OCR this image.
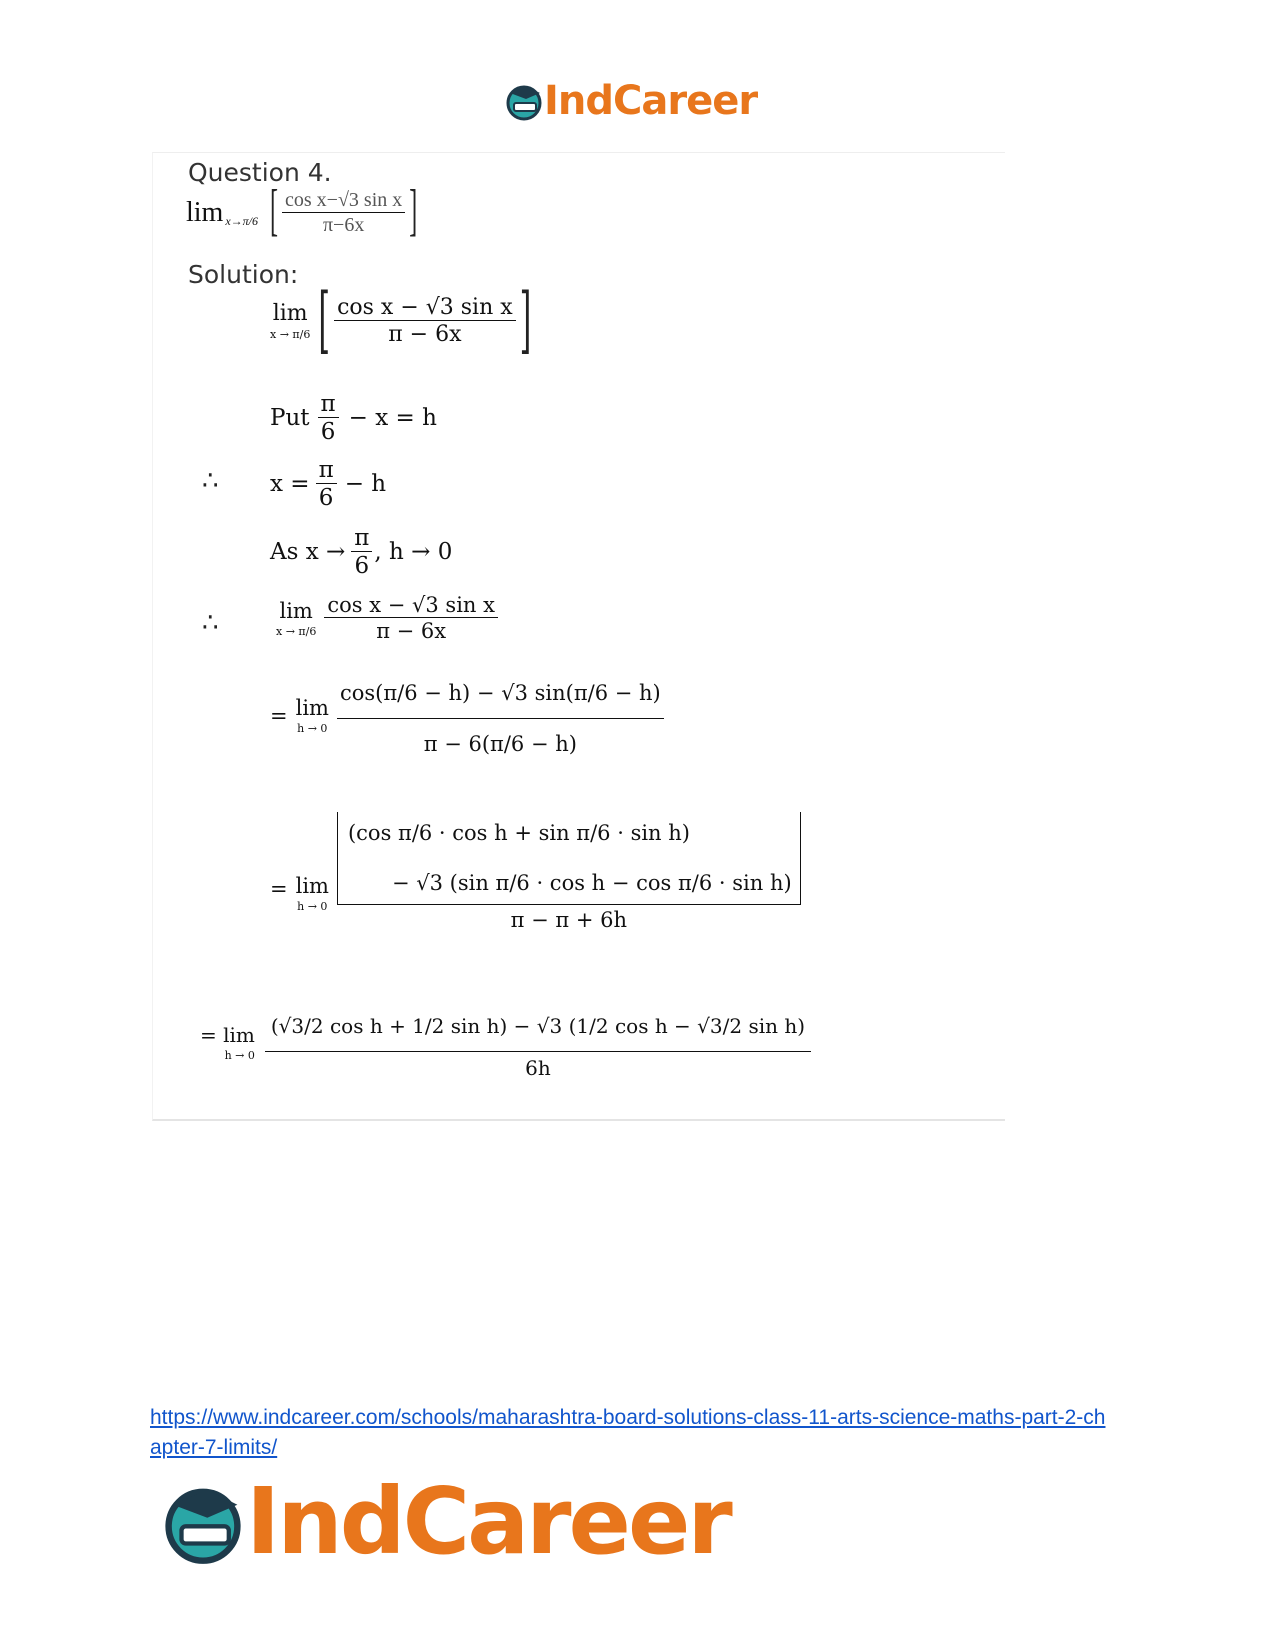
IndCareer
Question 4.
lim x→π/6 [ $\frac{\text{cos x−√3 sin x}}{\pi-6x}$ ]
Solution:
lim
x → π/6 [ $\frac{\text{cos x − √3 sin x}}{\pi - 6x}$ ]
Put $\frac{\pi}{6} - x = h$
∴ $x = \frac{\pi}{6} - h$
As $x \to \frac{\pi}{6}$ , h → 0
∴	lim
$x \to \pi/6 \frac{\text{cos x − √3 sin x}}{\pi - 6x}$
= lim
$h \to 0 \frac{\cos(\pi/6 - h) - √3 \sin(\pi/6 - h)}{\pi - 6(\pi/6 - h)}$
= lim
h → 0
(cos π/6 · cos h + sin π/6 · sin h)
− √3 (sin π/6 · cos h − cos π/6 · sin h)
π − π + 6h
= lim
$h \to 0 \frac{\text{(√3/2 cos h + 1/2 sin h) − √3 (1/2 cos h − √3/2 sin h)}}{6h}$
https://www.indcareer.com/schools/maharashtra-board-solutions-class-11-arts-science-maths-part-2-chapter-7-limits/
IndCareer
